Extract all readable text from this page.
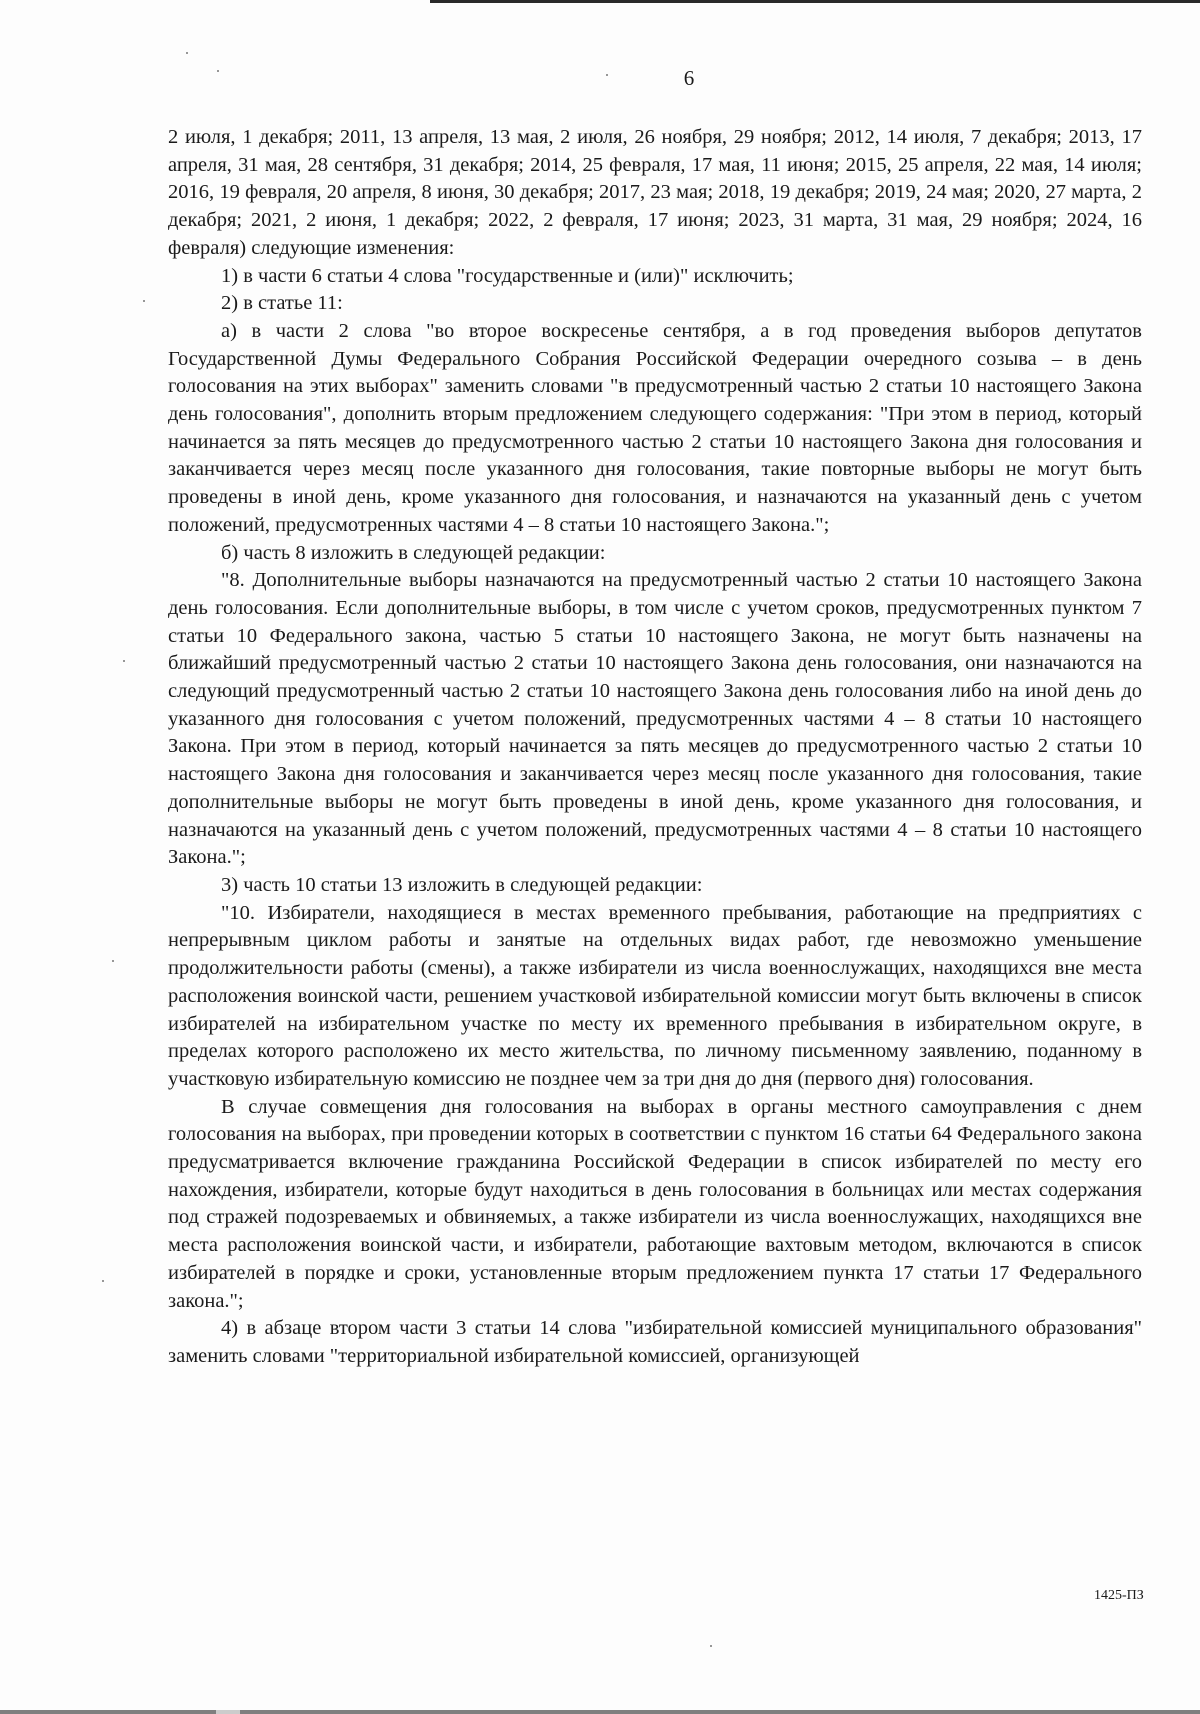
6

2 июля, 1 декабря; 2011, 13 апреля, 13 мая, 2 июля, 26 ноября, 29 ноября; 2012, 14 июля, 7 декабря; 2013, 17 апреля, 31 мая, 28 сентября, 31 декабря; 2014, 25 февраля, 17 мая, 11 июня; 2015, 25 апреля, 22 мая, 14 июля; 2016, 19 февраля, 20 апреля, 8 июня, 30 декабря; 2017, 23 мая; 2018, 19 декабря; 2019, 24 мая; 2020, 27 марта, 2 декабря; 2021, 2 июня, 1 декабря; 2022, 2 февраля, 17 июня; 2023, 31 марта, 31 мая, 29 ноября; 2024, 16 февраля) следующие изменения:

1) в части 6 статьи 4 слова "государственные и (или)" исключить;

2) в статье 11:

а) в части 2 слова "во второе воскресенье сентября, а в год проведения выборов депутатов Государственной Думы Федерального Собрания Российской Федерации очередного созыва – в день голосования на этих выборах" заменить словами "в предусмотренный частью 2 статьи 10 настоящего Закона день голосования", дополнить вторым предложением следующего содержания: "При этом в период, который начинается за пять месяцев до предусмотренного частью 2 статьи 10 настоящего Закона дня голосования и заканчивается через месяц после указанного дня голосования, такие повторные выборы не могут быть проведены в иной день, кроме указанного дня голосования, и назначаются на указанный день с учетом положений, предусмотренных частями 4 – 8 статьи 10 настоящего Закона.";

б) часть 8 изложить в следующей редакции:

"8. Дополнительные выборы назначаются на предусмотренный частью 2 статьи 10 настоящего Закона день голосования. Если дополнительные выборы, в том числе с учетом сроков, предусмотренных пунктом 7 статьи 10 Федерального закона, частью 5 статьи 10 настоящего Закона, не могут быть назначены на ближайший предусмотренный частью 2 статьи 10 настоящего Закона день голосования, они назначаются на следующий предусмотренный частью 2 статьи 10 настоящего Закона день голосования либо на иной день до указанного дня голосования с учетом положений, предусмотренных частями 4 – 8 статьи 10 настоящего Закона. При этом в период, который начинается за пять месяцев до предусмотренного частью 2 статьи 10 настоящего Закона дня голосования и заканчивается через месяц после указанного дня голосования, такие дополнительные выборы не могут быть проведены в иной день, кроме указанного дня голосования, и назначаются на указанный день с учетом положений, предусмотренных частями 4 – 8 статьи 10 настоящего Закона.";

3) часть 10 статьи 13 изложить в следующей редакции:

"10. Избиратели, находящиеся в местах временного пребывания, работающие на предприятиях с непрерывным циклом работы и занятые на отдельных видах работ, где невозможно уменьшение продолжительности работы (смены), а также избиратели из числа военнослужащих, находящихся вне места расположения воинской части, решением участковой избирательной комиссии могут быть включены в список избирателей на избирательном участке по месту их временного пребывания в избирательном округе, в пределах которого расположено их место жительства, по личному письменному заявлению, поданному в участковую избирательную комиссию не позднее чем за три дня до дня (первого дня) голосования.

В случае совмещения дня голосования на выборах в органы местного самоуправления с днем голосования на выборах, при проведении которых в соответствии с пунктом 16 статьи 64 Федерального закона предусматривается включение гражданина Российской Федерации в список избирателей по месту его нахождения, избиратели, которые будут находиться в день голосования в больницах или местах содержания под стражей подозреваемых и обвиняемых, а также избиратели из числа военнослужащих, находящихся вне места расположения воинской части, и избиратели, работающие вахтовым методом, включаются в список избирателей в порядке и сроки, установленные вторым предложением пункта 17 статьи 17 Федерального закона.";

4) в абзаце втором части 3 статьи 14 слова "избирательной комиссией муниципального образования" заменить словами "территориальной избирательной комиссией, организующей

1425-ПЗ
